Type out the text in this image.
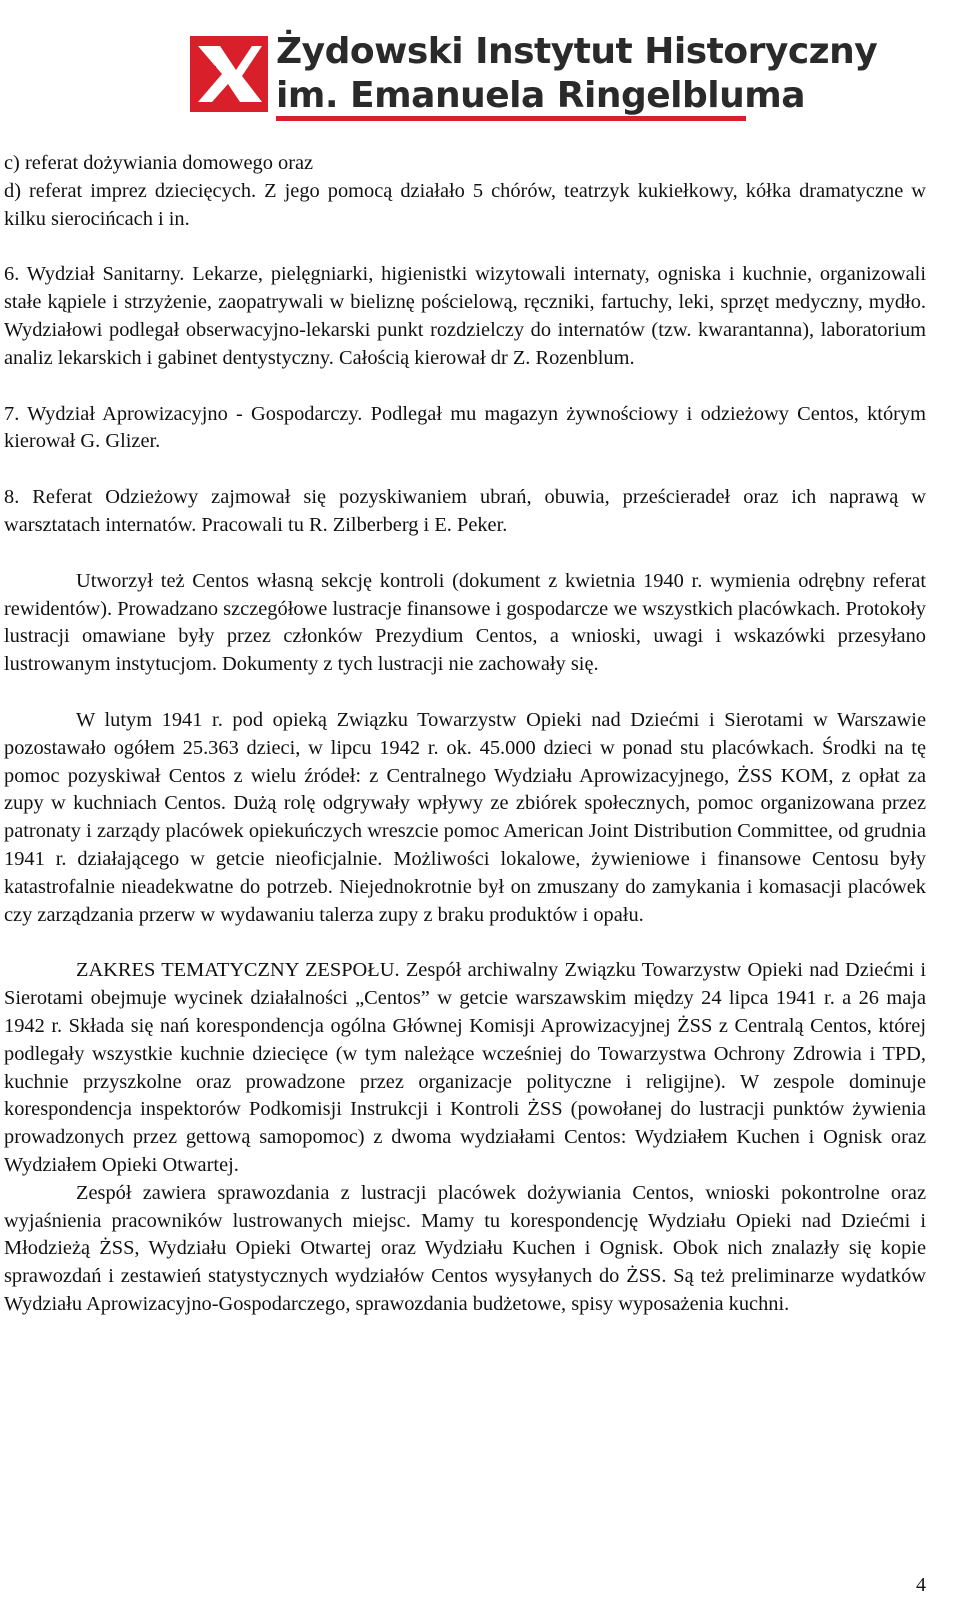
Żydowski Instytut Historyczny
im. Emanuela Ringelbluma

c) referat dożywiania domowego oraz

d) referat imprez dziecięcych. Z jego pomocą działało 5 chórów, teatrzyk kukiełkowy, kółka dramatyczne w kilku sierocińcach i in.

6. Wydział Sanitarny. Lekarze, pielęgniarki, higienistki wizytowali internaty, ogniska i kuchnie, organizowali stałe kąpiele i strzyżenie, zaopatrywali w bieliznę pościelową, ręczniki, fartuchy, leki, sprzęt medyczny, mydło. Wydziałowi podlegał obserwacyjno-lekarski punkt rozdzielczy do internatów (tzw. kwarantanna), laboratorium analiz lekarskich i gabinet dentystyczny. Całością kierował dr Z. Rozenblum.

7. Wydział Aprowizacyjno - Gospodarczy. Podlegał mu magazyn żywnościowy i odzieżowy Centos, którym kierował G. Glizer.

8. Referat Odzieżowy zajmował się pozyskiwaniem ubrań, obuwia, prześcieradeł oraz ich naprawą w warsztatach internatów. Pracowali tu R. Zilberberg i E. Peker.

Utworzył też Centos własną sekcję kontroli (dokument z kwietnia 1940 r. wymienia odrębny referat rewidentów). Prowadzano szczegółowe lustracje finansowe i gospodarcze we wszystkich placówkach. Protokoły lustracji omawiane były przez członków Prezydium Centos, a wnioski, uwagi i wskazówki przesyłano lustrowanym instytucjom. Dokumenty z tych lustracji nie zachowały się.

W lutym 1941 r. pod opieką Związku Towarzystw Opieki nad Dziećmi i Sierotami w Warszawie pozostawało ogółem 25.363 dzieci, w lipcu 1942 r. ok. 45.000 dzieci w ponad stu placówkach. Środki na tę pomoc pozyskiwał Centos z wielu źródeł: z Centralnego Wydziału Aprowizacyjnego, ŻSS KOM, z opłat za zupy w kuchniach Centos. Dużą rolę odgrywały wpływy ze zbiórek społecznych, pomoc organizowana przez patronaty i zarządy placówek opiekuńczych wreszcie pomoc American Joint Distribution Committee, od grudnia 1941 r. działającego w getcie nieoficjalnie. Możliwości lokalowe, żywieniowe i finansowe Centosu były katastrofalnie nieadekwatne do potrzeb. Niejednokrotnie był on zmuszany do zamykania i komasacji placówek czy zarządzania przerw w wydawaniu talerza zupy z braku produktów i opału.

ZAKRES TEMATYCZNY ZESPOŁU. Zespół archiwalny Związku Towarzystw Opieki nad Dziećmi i Sierotami obejmuje wycinek działalności „Centos” w getcie warszawskim między 24 lipca 1941 r. a 26 maja 1942 r. Składa się nań korespondencja ogólna Głównej Komisji Aprowizacyjnej ŻSS z Centralą Centos, której podlegały wszystkie kuchnie dziecięce (w tym należące wcześniej do Towarzystwa Ochrony Zdrowia i TPD, kuchnie przyszkolne oraz prowadzone przez organizacje polityczne i religijne). W zespole dominuje korespondencja inspektorów Podkomisji Instrukcji i Kontroli ŻSS (powołanej do lustracji punktów żywienia prowadzonych przez gettową samopomoc) z dwoma wydziałami Centos: Wydziałem Kuchen i Ognisk oraz Wydziałem Opieki Otwartej.

Zespół zawiera sprawozdania z lustracji placówek dożywiania Centos, wnioski pokontrolne oraz wyjaśnienia pracowników lustrowanych miejsc. Mamy tu korespondencję Wydziału Opieki nad Dziećmi i Młodzieżą ŻSS, Wydziału Opieki Otwartej oraz Wydziału Kuchen i Ognisk. Obok nich znalazły się kopie sprawozdań i zestawień statystycznych wydziałów Centos wysyłanych do ŻSS. Są też preliminarze wydatków Wydziału Aprowizacyjno-Gospodarczego, sprawozdania budżetowe, spisy wyposażenia kuchni.

4
